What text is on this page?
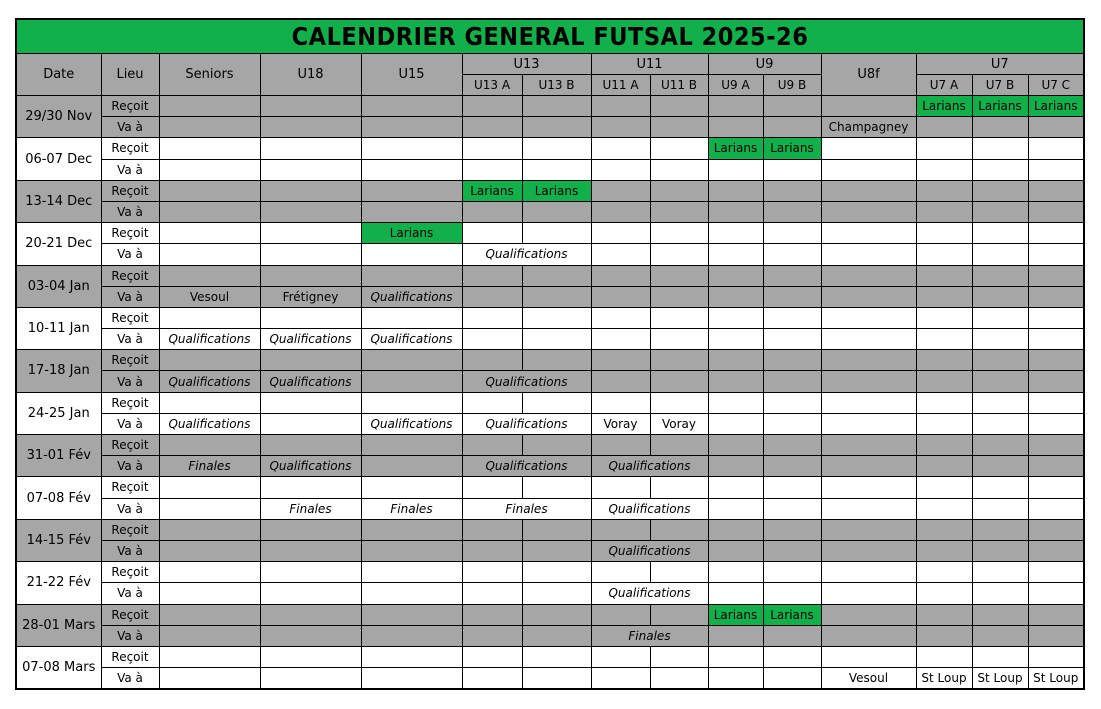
CALENDRIER GENERAL FUTSAL 2025-26														
Date	Lieu	Seniors	U18	U15	U13		U11		U9		U8f	U7		
					U13 A	U13 B	U11 A	U11 B	U9 A	U9 B		U7 A	U7 B	U7 C
29/30 Nov	Reçoit											Larians	Larians	Larians
	Va à										Champagney			
06-07 Dec	Reçoit								Larians	Larians				
	Va à													
13-14 Dec	Reçoit				Larians	Larians								
	Va à													
20-21 Dec	Reçoit			Larians										
	Va à				Qualifications									
03-04 Jan	Reçoit													
	Va à	Vesoul	Frétigney	Qualifications										
10-11 Jan	Reçoit													
	Va à	Qualifications	Qualifications	Qualifications										
17-18 Jan	Reçoit													
	Va à	Qualifications	Qualifications		Qualifications									
24-25 Jan	Reçoit													
	Va à	Qualifications		Qualifications	Qualifications		Voray	Voray						
31-01 Fév	Reçoit													
	Va à	Finales	Qualifications		Qualifications		Qualifications							
07-08 Fév	Reçoit													
	Va à		Finales	Finales	Finales		Qualifications							
14-15 Fév	Reçoit													
	Va à						Qualifications							
21-22 Fév	Reçoit													
	Va à						Qualifications							
28-01 Mars	Reçoit								Larians	Larians				
	Va à						Finales							
07-08 Mars	Reçoit													
	Va à										Vesoul	St Loup	St Loup	St Loup
